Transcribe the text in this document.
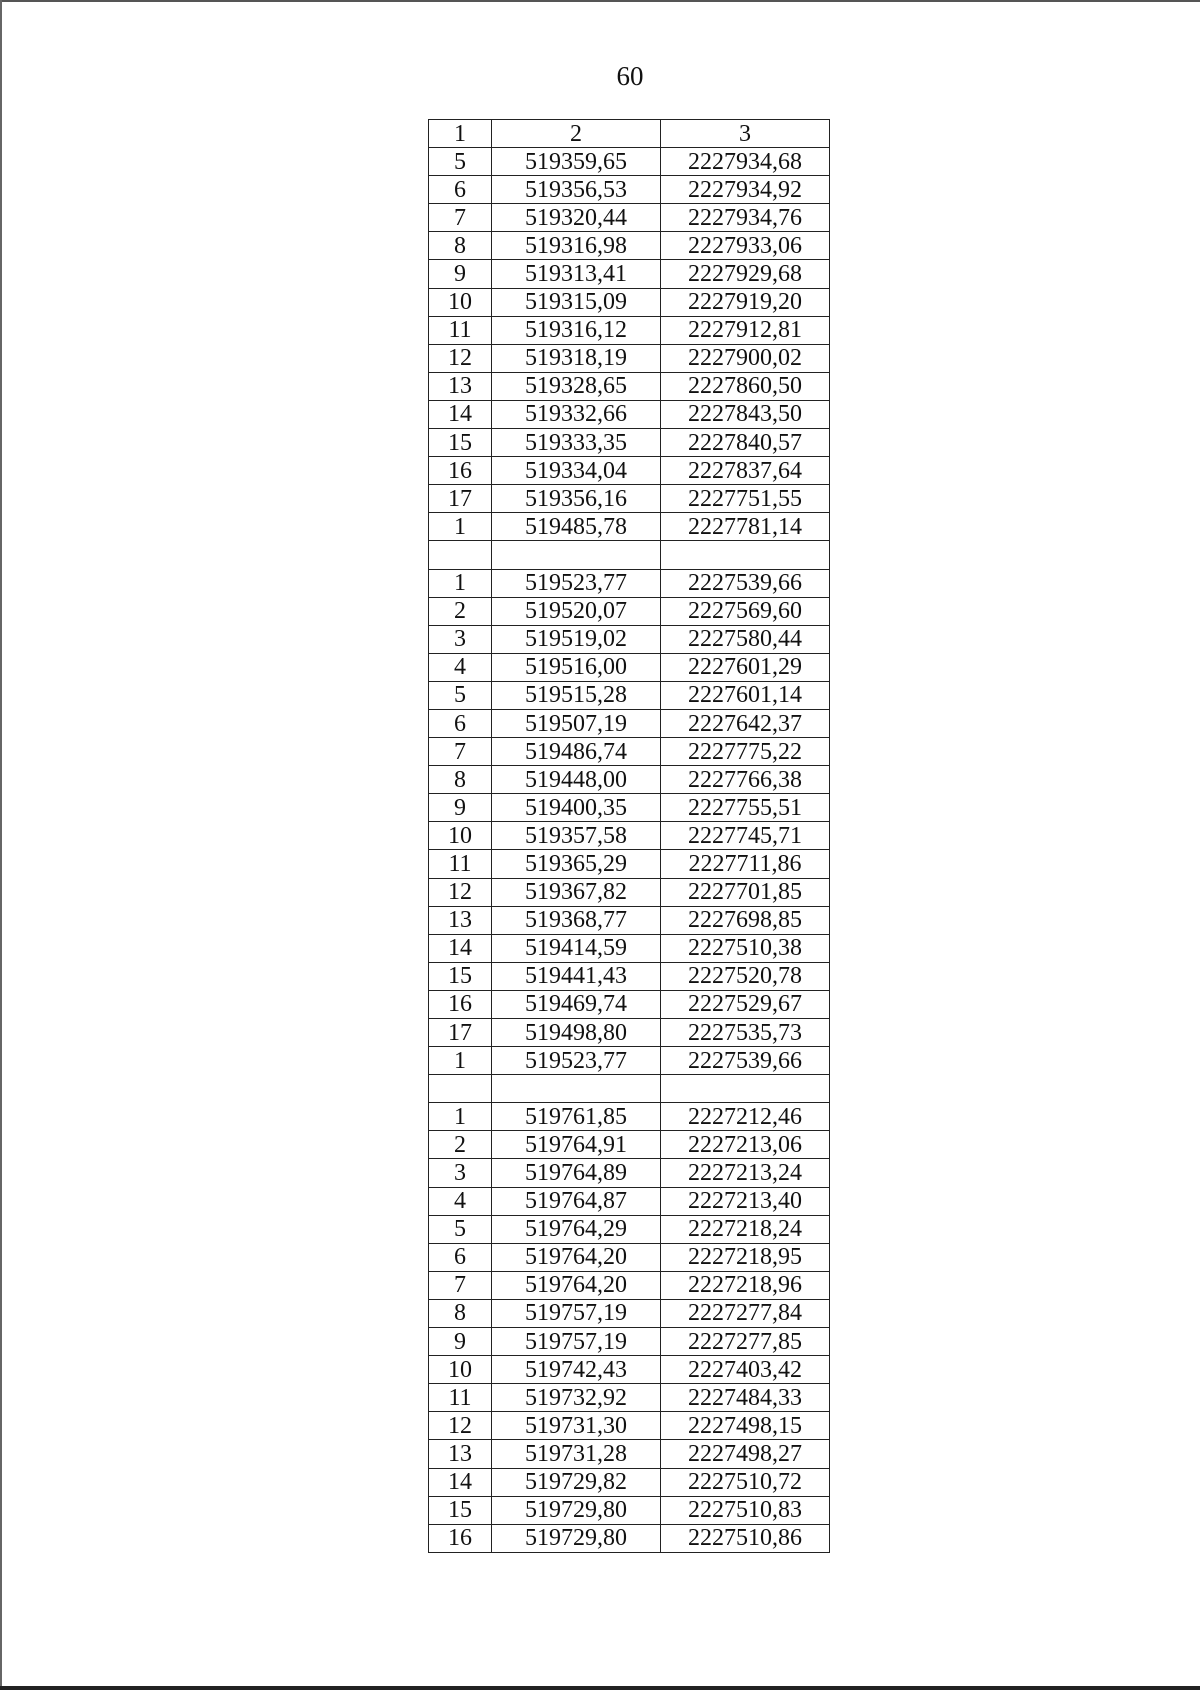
60
1	2	3
5	519359,65	2227934,68
6	519356,53	2227934,92
7	519320,44	2227934,76
8	519316,98	2227933,06
9	519313,41	2227929,68
10	519315,09	2227919,20
11	519316,12	2227912,81
12	519318,19	2227900,02
13	519328,65	2227860,50
14	519332,66	2227843,50
15	519333,35	2227840,57
16	519334,04	2227837,64
17	519356,16	2227751,55
1	519485,78	2227781,14

1	519523,77	2227539,66
2	519520,07	2227569,60
3	519519,02	2227580,44
4	519516,00	2227601,29
5	519515,28	2227601,14
6	519507,19	2227642,37
7	519486,74	2227775,22
8	519448,00	2227766,38
9	519400,35	2227755,51
10	519357,58	2227745,71
11	519365,29	2227711,86
12	519367,82	2227701,85
13	519368,77	2227698,85
14	519414,59	2227510,38
15	519441,43	2227520,78
16	519469,74	2227529,67
17	519498,80	2227535,73
1	519523,77	2227539,66

1	519761,85	2227212,46
2	519764,91	2227213,06
3	519764,89	2227213,24
4	519764,87	2227213,40
5	519764,29	2227218,24
6	519764,20	2227218,95
7	519764,20	2227218,96
8	519757,19	2227277,84
9	519757,19	2227277,85
10	519742,43	2227403,42
11	519732,92	2227484,33
12	519731,30	2227498,15
13	519731,28	2227498,27
14	519729,82	2227510,72
15	519729,80	2227510,83
16	519729,80	2227510,86
